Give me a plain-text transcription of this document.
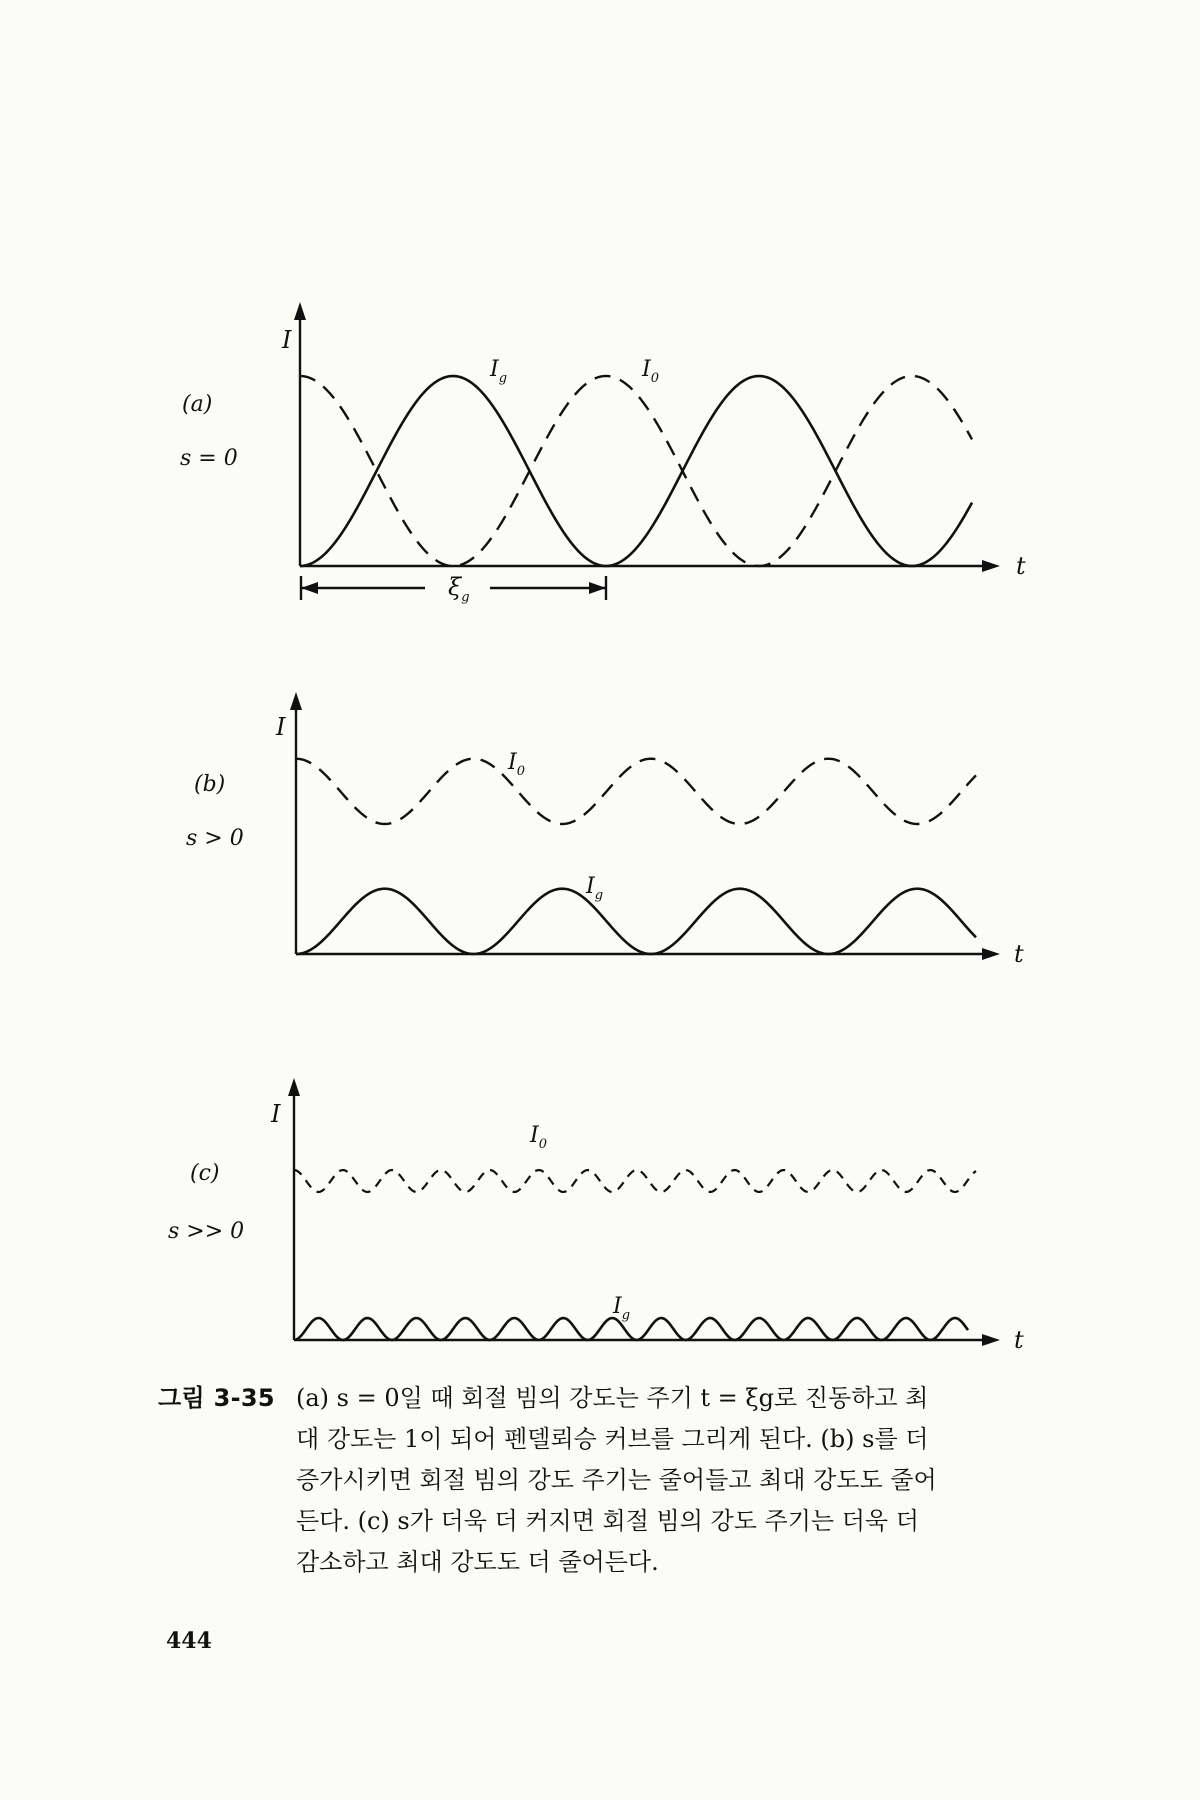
(a)
s = 0
I
t
$I_g$	$I_0$
$\xi_g$
(b)
s > 0
I
t
$I_0$
$I_g$
(c)
s >> 0
I
t
$I_0$
$I_g$
그림 3-35 (a) s = 0일 때 회절 빔의 강도는 주기 t = ξg로 진동하고 최
대 강도는 1이 되어 펜델뢰승 커브를 그리게 된다. (b) s를 더
증가시키면 회절 빔의 강도 주기는 줄어들고 최대 강도도 줄어
든다. (c) s가 더욱 더 커지면 회절 빔의 강도 주기는 더욱 더
감소하고 최대 강도도 더 줄어든다.
444
